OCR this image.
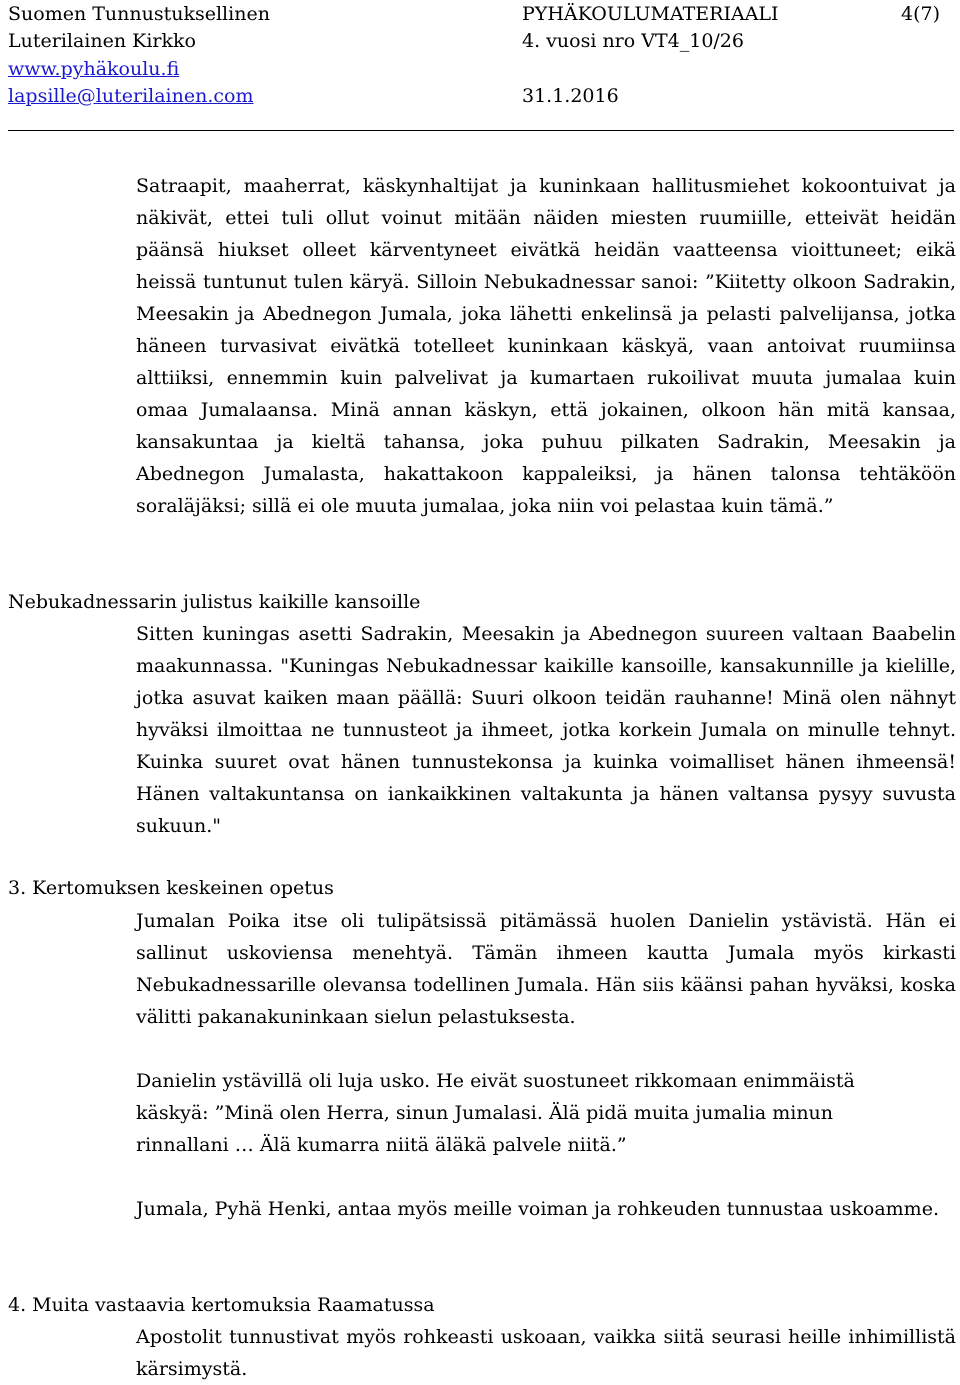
Suomen Tunnustuksellinen
Luterilainen Kirkko
www.pyhäkoulu.fi
lapsille@luterilainen.com
PYHÄKOULUMATERIAALI
4. vuosi nro VT4_10/26
31.1.2016
4(7)

Satraapit, maaherrat, käskynhaltijat ja kuninkaan hallitusmiehet kokoontuivat ja näkivät, ettei tuli ollut voinut mitään näiden miesten ruumiille, etteivät heidän päänsä hiukset olleet kärventyneet eivätkä heidän vaatteensa vioittuneet; eikä heissä tuntunut tulen käryä. Silloin Nebukadnessar sanoi: ”Kiitetty olkoon Sadrakin, Meesakin ja Abednegon Jumala, joka lähetti enkelinsä ja pelasti palvelijansa, jotka häneen turvasivat eivätkä totelleet kuninkaan käskyä, vaan antoivat ruumiinsa alttiiksi, ennemmin kuin palvelivat ja kumartaen rukoilivat muuta jumalaa kuin omaa Jumalaansa. Minä annan käskyn, että jokainen, olkoon hän mitä kansaa, kansakuntaa ja kieltä tahansa, joka puhuu pilkaten Sadrakin, Meesakin ja Abednegon Jumalasta, hakattakoon kappaleiksi, ja hänen talonsa tehtäköön soraläjäksi; sillä ei ole muuta jumalaa, joka niin voi pelastaa kuin tämä.”

Nebukadnessarin julistus kaikille kansoille

Sitten kuningas asetti Sadrakin, Meesakin ja Abednegon suureen valtaan Baabelin maakunnassa. "Kuningas Nebukadnessar kaikille kansoille, kansakunnille ja kielille, jotka asuvat kaiken maan päällä: Suuri olkoon teidän rauhanne! Minä olen nähnyt hyväksi ilmoittaa ne tunnusteot ja ihmeet, jotka korkein Jumala on minulle tehnyt. Kuinka suuret ovat hänen tunnustekonsa ja kuinka voimalliset hänen ihmeensä! Hänen valtakuntansa on iankaikkinen valtakunta ja hänen valtansa pysyy suvusta sukuun."

3. Kertomuksen keskeinen opetus

Jumalan Poika itse oli tulipätsissä pitämässä huolen Danielin ystävistä. Hän ei sallinut uskoviensa menehtyä. Tämän ihmeen kautta Jumala myös kirkasti Nebukadnessarille olevansa todellinen Jumala. Hän siis käänsi pahan hyväksi, koska välitti pakanakuninkaan sielun pelastuksesta.

Danielin ystävillä oli luja usko. He eivät suostuneet rikkomaan enimmäistä käskyä: ”Minä olen Herra, sinun Jumalasi. Älä pidä muita jumalia minun rinnallani … Älä kumarra niitä äläkä palvele niitä.”

Jumala, Pyhä Henki, antaa myös meille voiman ja rohkeuden tunnustaa uskoamme.

4. Muita vastaavia kertomuksia Raamatussa

Apostolit tunnustivat myös rohkeasti uskoaan, vaikka siitä seurasi heille inhimillistä kärsimystä.
